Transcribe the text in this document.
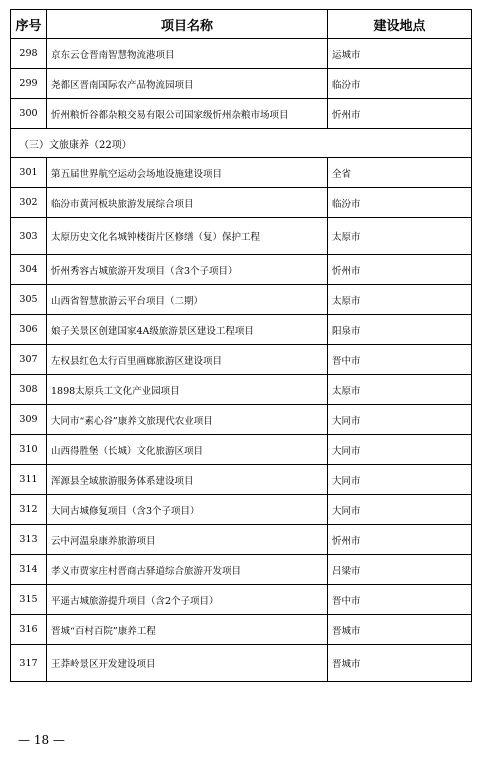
序号	项目名称	建设地点
298	京东云仓晋南智慧物流港项目	运城市
299	尧都区晋南国际农产品物流园项目	临汾市
300	忻州粮忻谷都杂粮交易有限公司国家级忻州杂粮市场项目	忻州市
（三）文旅康养（22项）		
301	第五届世界航空运动会场地设施建设项目	全省
302	临汾市黄河板块旅游发展综合项目	临汾市
303	太原历史文化名城钟楼街片区修缮（复）保护工程	太原市
304	忻州秀容古城旅游开发项目（含3个子项目）	忻州市
305	山西省智慧旅游云平台项目（二期）	太原市
306	娘子关景区创建国家4A级旅游景区建设工程项目	阳泉市
307	左权县红色太行百里画廊旅游区建设项目	晋中市
308	1898太原兵工文化产业园项目	太原市
309	大同市“素心谷”康养文旅现代农业项目	大同市
310	山西得胜堡（长城）文化旅游区项目	大同市
311	浑源县全域旅游服务体系建设项目	大同市
312	大同古城修复项目（含3个子项目）	大同市
313	云中河温泉康养旅游项目	忻州市
314	孝义市贾家庄村晋商古驿道综合旅游开发项目	吕梁市
315	平遥古城旅游提升项目（含2个子项目）	晋中市
316	晋城“百村百院”康养工程	晋城市
317	王莽岭景区开发建设项目	晋城市
— 18 —
